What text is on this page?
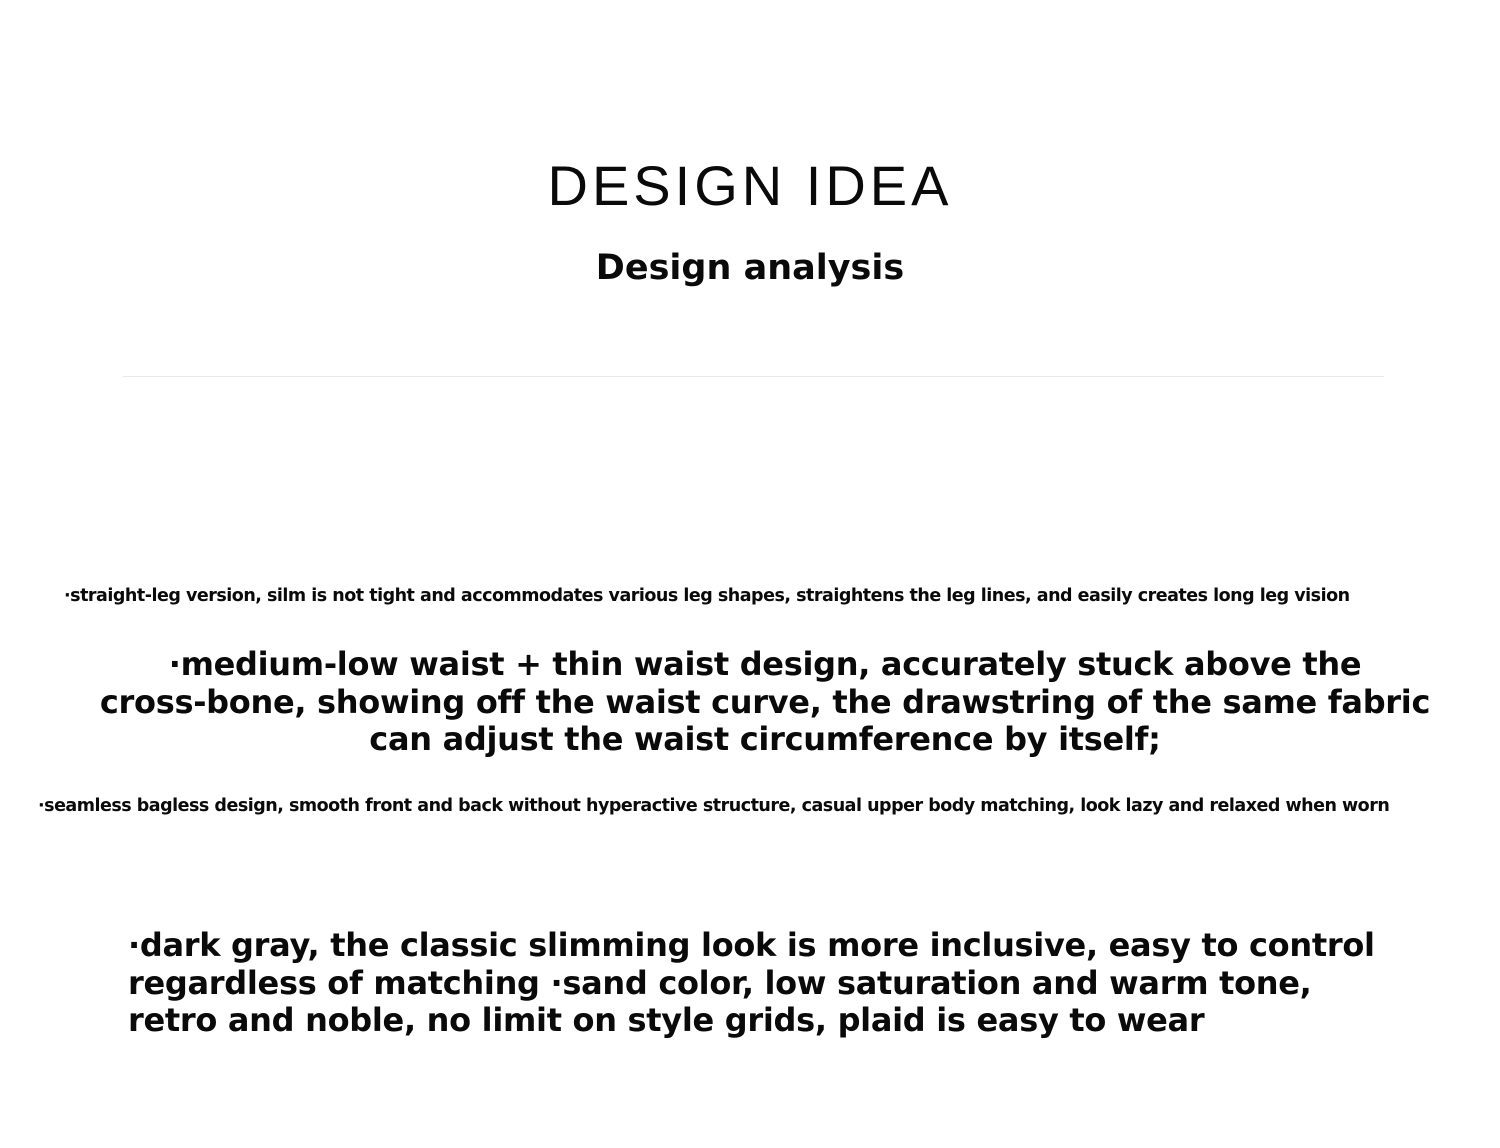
DESIGN IDEA
Design analysis

·straight-leg version, silm is not tight and accommodates various leg shapes, straightens the leg lines, and easily creates long leg vision

·medium-low waist + thin waist design, accurately stuck above the
cross-bone, showing off the waist curve, the drawstring of the same fabric
can adjust the waist circumference by itself;

·seamless bagless design, smooth front and back without hyperactive structure, casual upper body matching, look lazy and relaxed when worn

·dark gray, the classic slimming look is more inclusive, easy to control
regardless of matching ·sand color, low saturation and warm tone,
retro and noble, no limit on style grids, plaid is easy to wear
